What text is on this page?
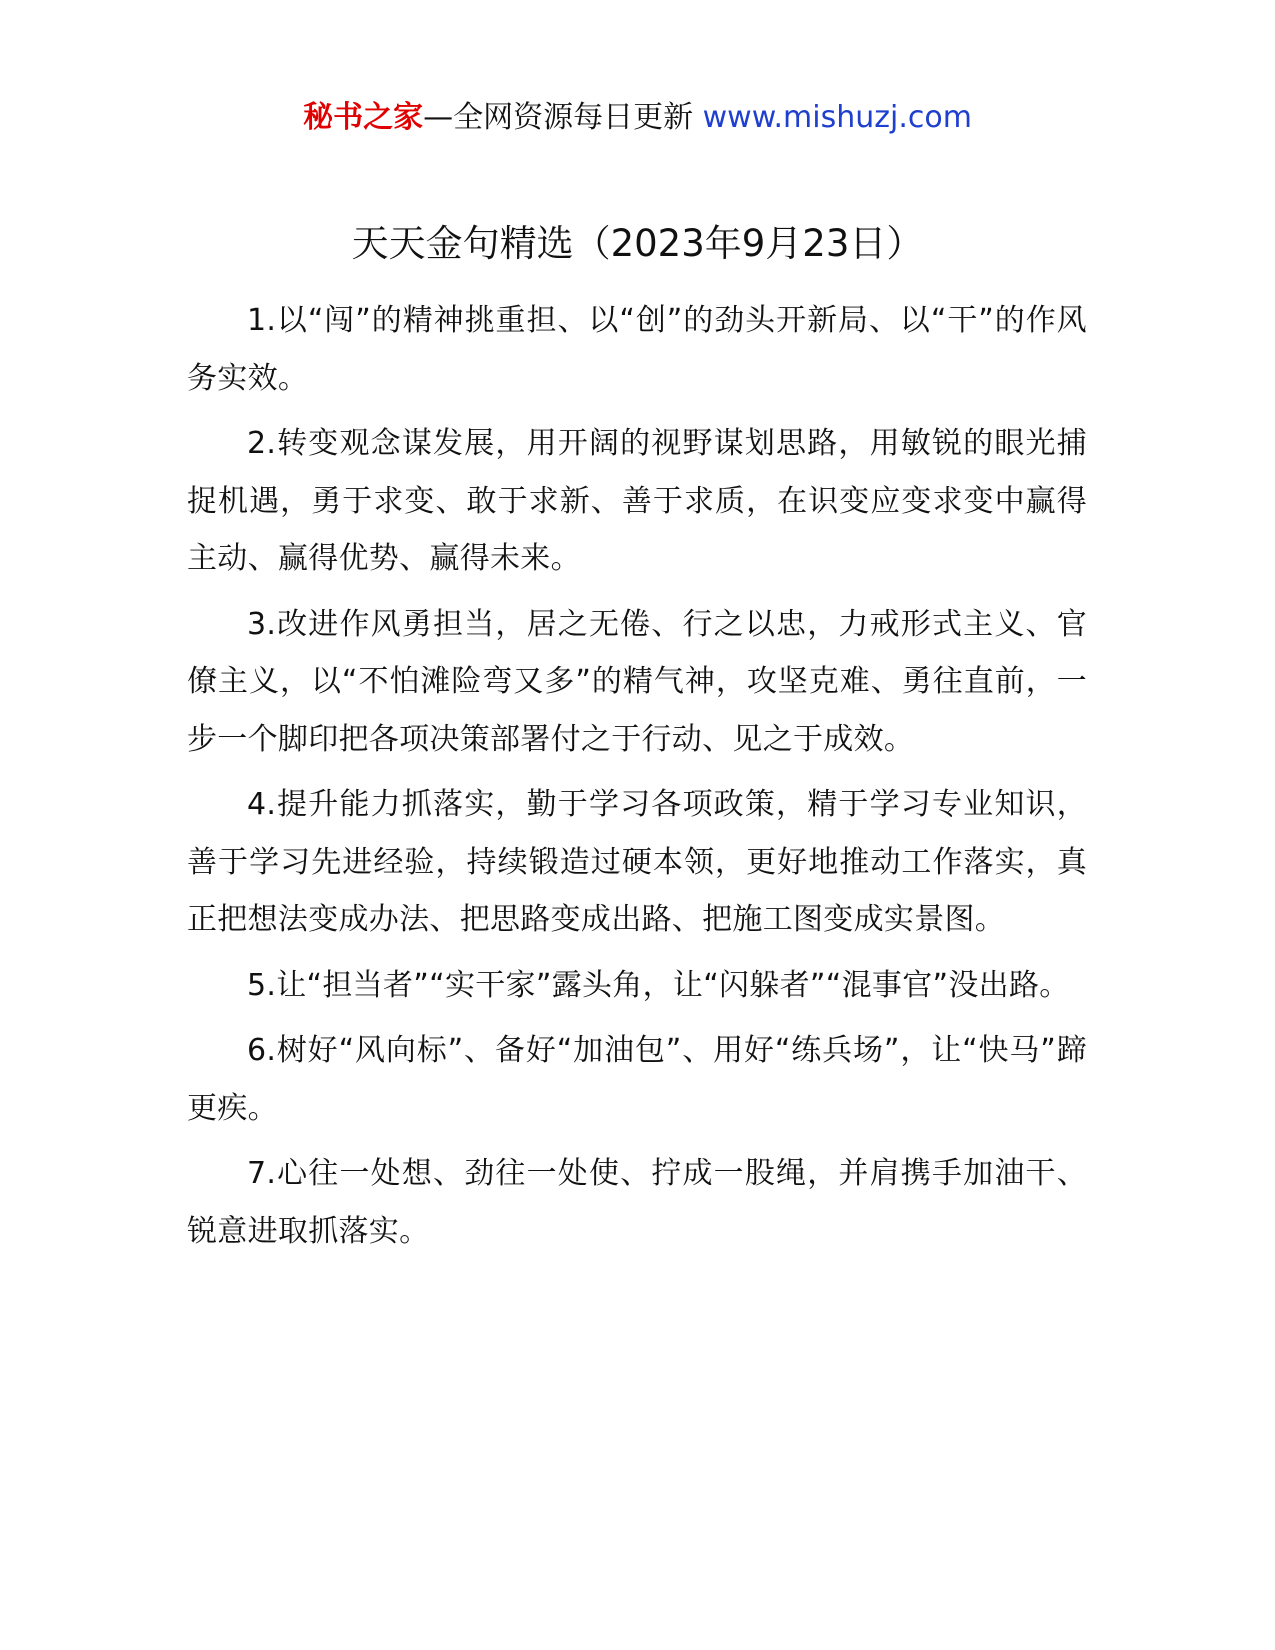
秘书之家—全网资源每日更新 www.mishuzj.com
天天金句精选（2023年9月23日）

1.以“闯”的精神挑重担、以“创”的劲头开新局、以“干”的作风务实效。

2.转变观念谋发展，用开阔的视野谋划思路，用敏锐的眼光捕捉机遇，勇于求变、敢于求新、善于求质，在识变应变求变中赢得主动、赢得优势、赢得未来。

3.改进作风勇担当，居之无倦、行之以忠，力戒形式主义、官僚主义，以“不怕滩险弯又多”的精气神，攻坚克难、勇往直前，一步一个脚印把各项决策部署付之于行动、见之于成效。

4.提升能力抓落实，勤于学习各项政策，精于学习专业知识，善于学习先进经验，持续锻造过硬本领，更好地推动工作落实，真正把想法变成办法、把思路变成出路、把施工图变成实景图。

5.让“担当者”“实干家”露头角，让“闪躲者”“混事官”没出路。

6.树好“风向标”、备好“加油包”、用好“练兵场”，让“快马”蹄更疾。

7.心往一处想、劲往一处使、拧成一股绳，并肩携手加油干、锐意进取抓落实。
